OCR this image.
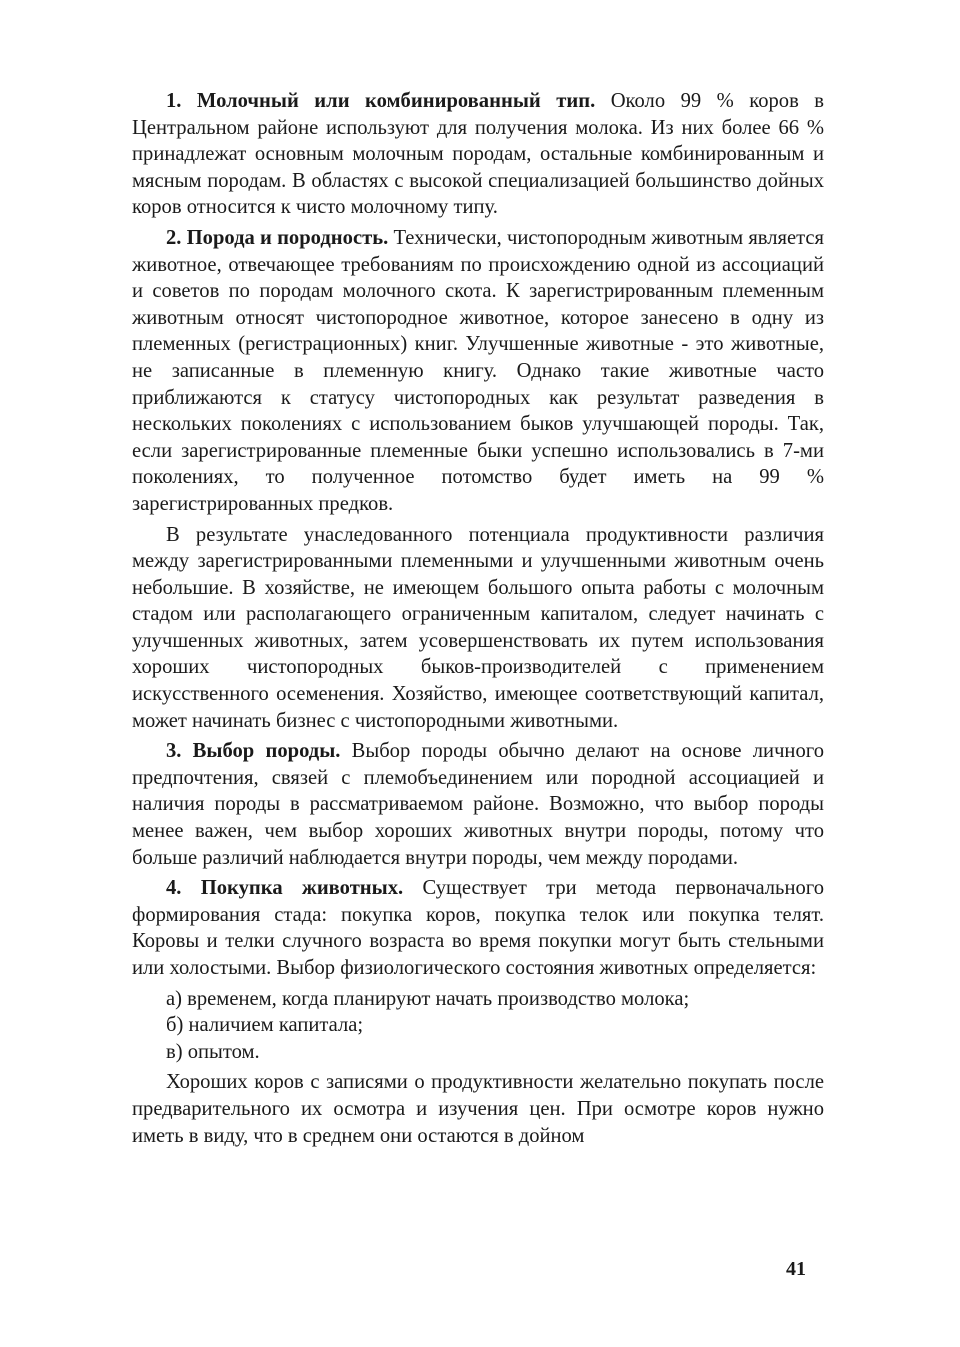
1. Молочный или комбинированный тип. Около 99 % коров в Центральном районе используют для получения молока. Из них более 66 % принадлежат основным молочным породам, остальные комбинированным и мясным породам. В областях с высокой специализацией большинство дойных коров относится к чисто молочному типу.

2. Порода и породность. Технически, чистопородным животным является животное, отвечающее требованиям по происхождению одной из ассоциаций и советов по породам молочного скота. К зарегистрированным племенным животным относят чистопородное животное, которое занесено в одну из племенных (регистрационных) книг. Улучшенные животные - это животные, не записанные в племенную книгу. Однако такие животные часто приближаются к статусу чистопородных как результат разведения в нескольких поколениях с использованием быков улучшающей породы. Так, если зарегистрированные племенные быки успешно использовались в 7-ми поколениях, то полученное потомство будет иметь на 99 % зарегистрированных предков.

В результате унаследованного потенциала продуктивности различия между зарегистрированными племенными и улучшенными животным очень небольшие. В хозяйстве, не имеющем большого опыта работы с молочным стадом или располагающего ограниченным капиталом, следует начинать с улучшенных животных, затем усовершенствовать их путем использования хороших чистопородных быков-производителей с применением искусственного осеменения. Хозяйство, имеющее соответствующий капитал, может начинать бизнес с чистопородными животными.

3. Выбор породы. Выбор породы обычно делают на основе личного предпочтения, связей с племобъединением или породной ассоциацией и наличия породы в рассматриваемом районе. Возможно, что выбор породы менее важен, чем выбор хороших животных внутри породы, потому что больше различий наблюдается внутри породы, чем между породами.

4. Покупка животных. Существует три метода первоначального формирования стада: покупка коров, покупка телок или покупка телят. Коровы и телки случного возраста во время покупки могут быть стельными или холостыми. Выбор физиологического состояния животных определяется:

а) временем, когда планируют начать производство молока;

б) наличием капитала;

в) опытом.

Хороших коров с записями о продуктивности желательно покупать после предварительного их осмотра и изучения цен. При осмотре коров нужно иметь в виду, что в среднем они остаются в дойном

41
